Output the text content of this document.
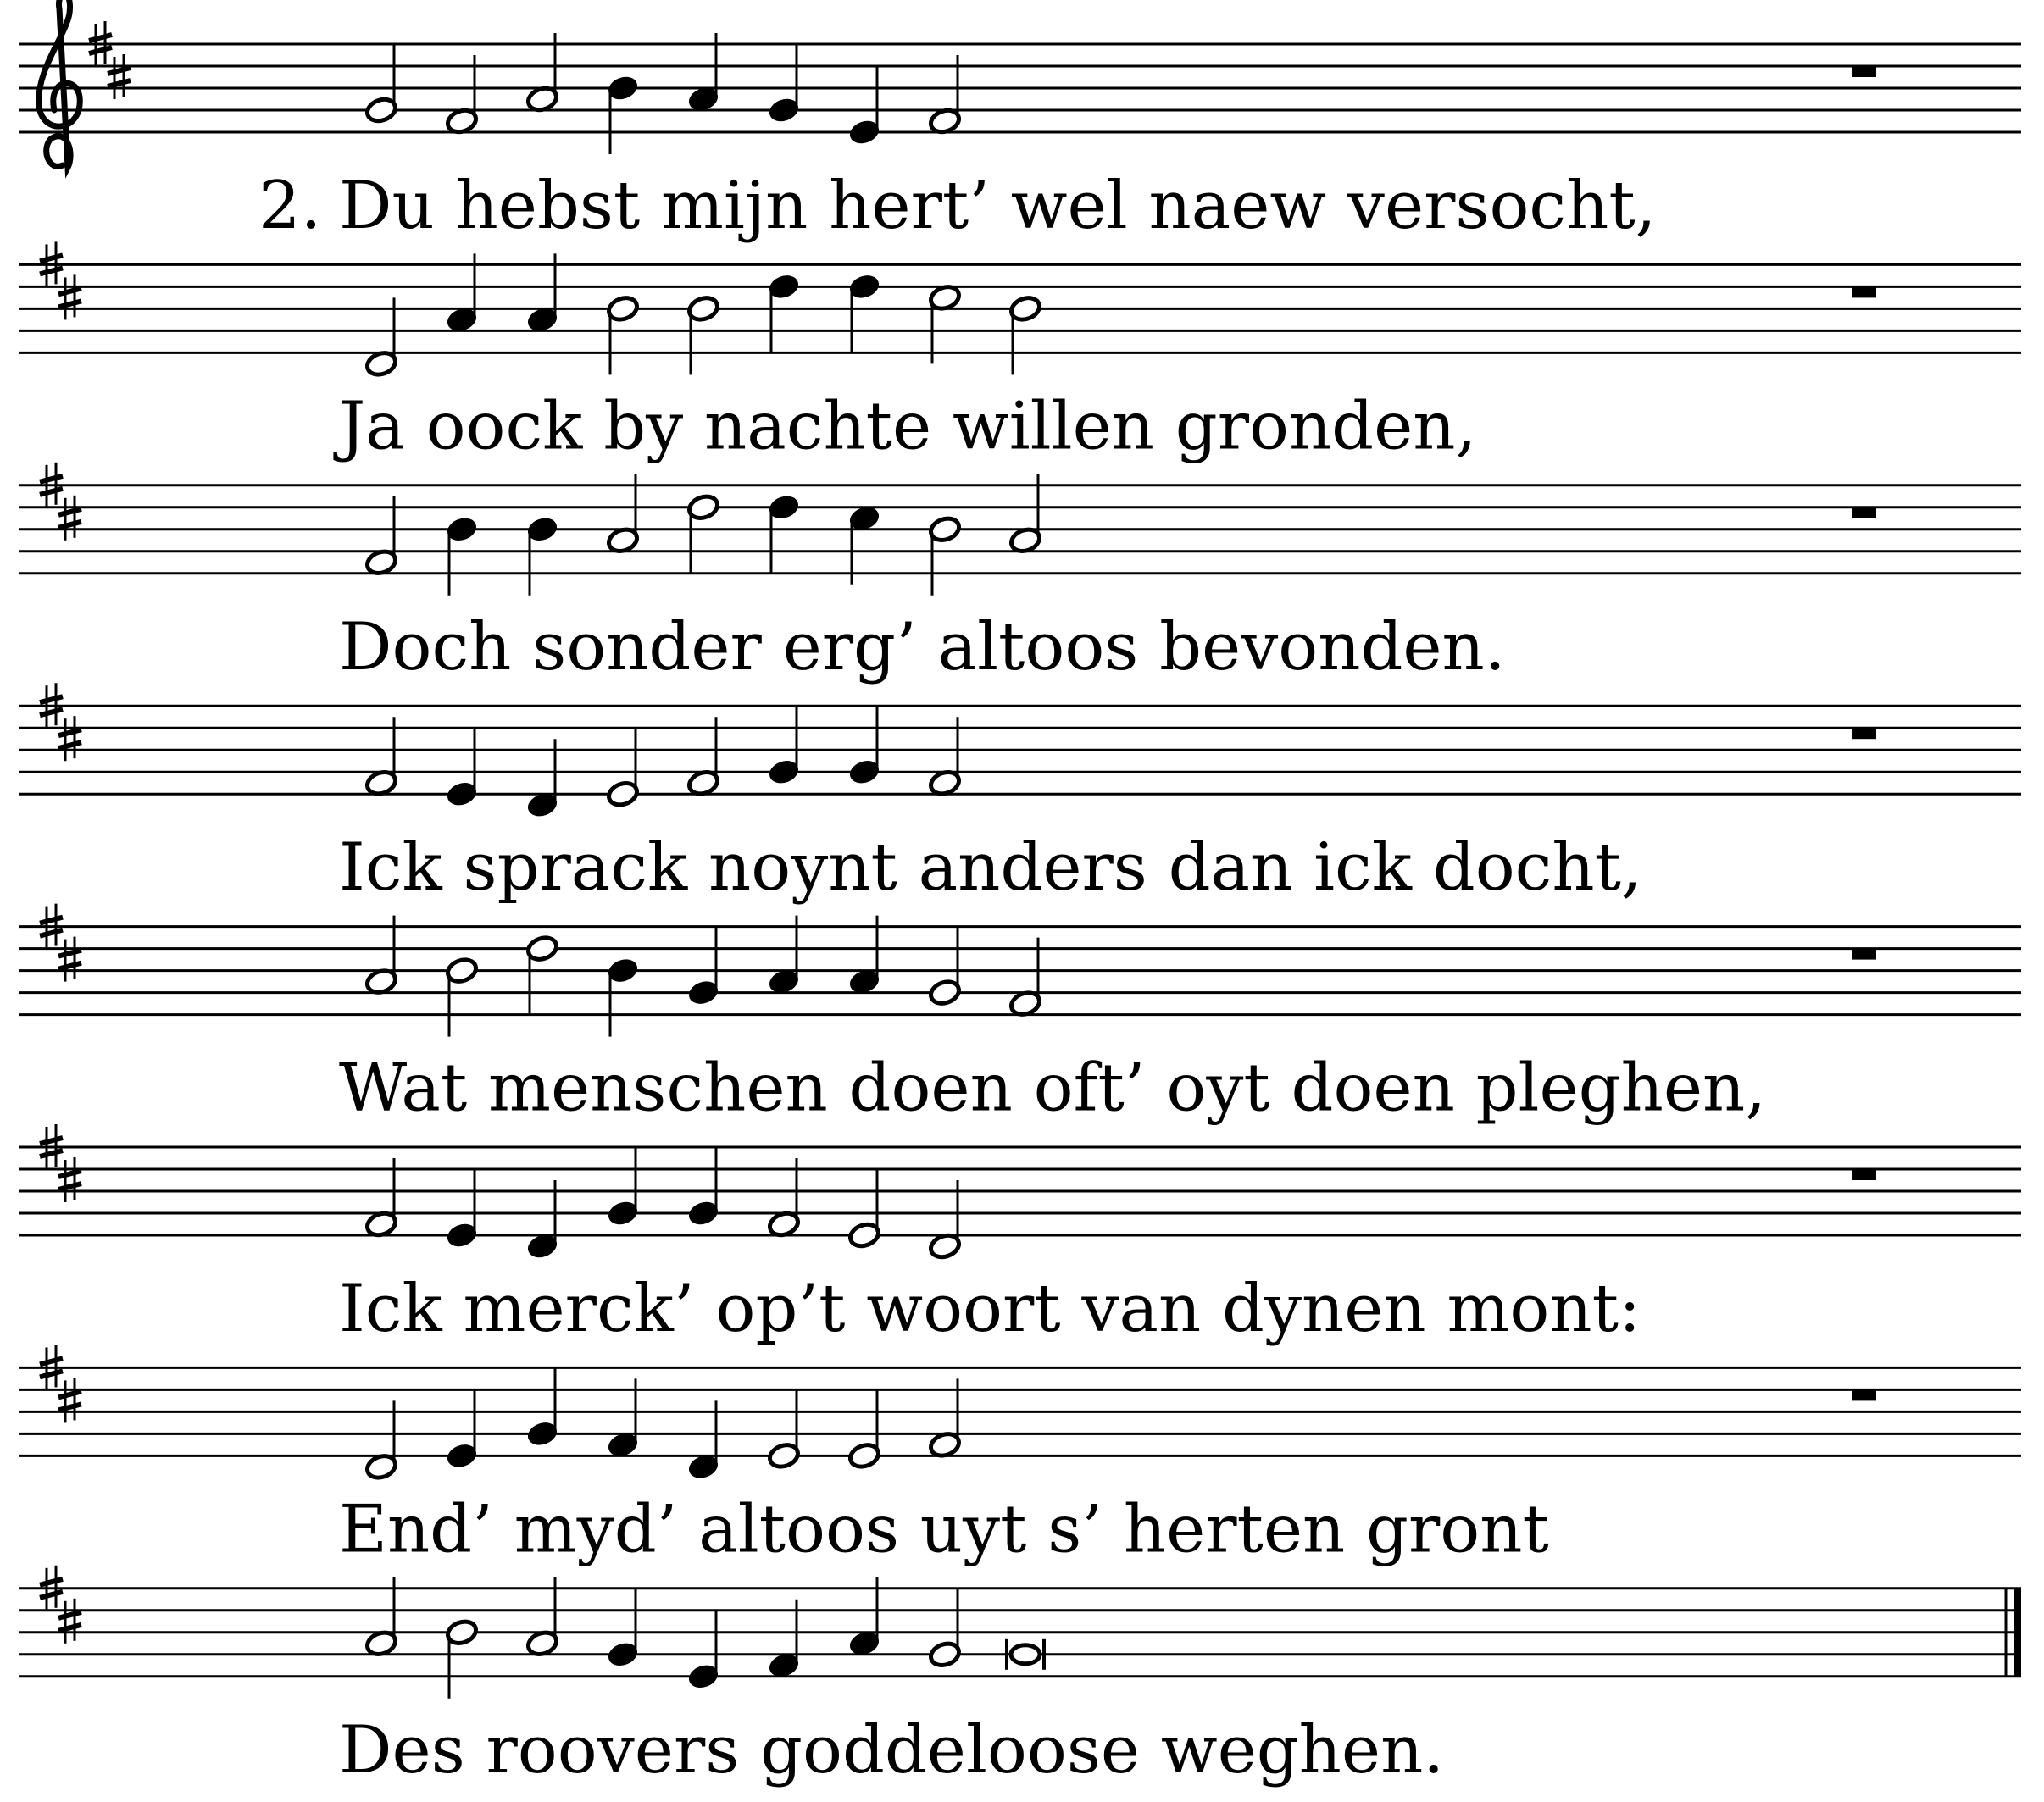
Du hebst mijn hert’ wel naew versocht,
2.
Ja oock by nachte willen gronden,
Doch sonder erg’ altoos bevonden.
Ick sprack noynt anders dan ick docht,
Wat menschen doen oft’ oyt doen pleghen,
Ick merck’ op’t woort van dynen mont:
End’ myd’ altoos uyt s’ herten gront
Des roovers goddeloose weghen.
